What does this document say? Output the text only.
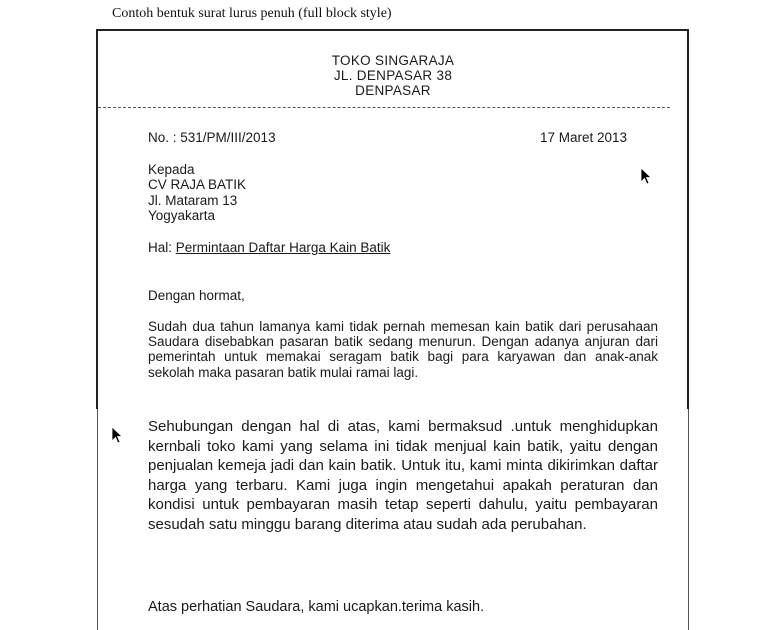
Contoh bentuk surat lurus penuh (full block style)
TOKO SINGARAJA
JL. DENPASAR 38
DENPASAR
No. : 531/PM/III/2013	17 Maret 2013
Kepada
CV RAJA BATIK
Jl. Mataram 13
Yogyakarta
Hal: Permintaan Daftar Harga Kain Batik
Dengan hormat,
Sudah dua tahun lamanya kami tidak pernah memesan kain batik dari perusahaan Saudara disebabkan pasaran batik sedang menurun. Dengan adanya anjuran dari pemerintah untuk memakai seragam batik bagi para karyawan dan anak-anak sekolah maka pasaran batik mulai ramai lagi.
Sehubungan dengan hal di atas, kami bermaksud .untuk menghidupkan kernbali toko kami yang selama ini tidak menjual kain batik, yaitu dengan penjualan kemeja jadi dan kain batik. Untuk itu, kami minta dikirimkan daftar harga yang terbaru. Kami juga ingin mengetahui apakah peraturan dan kondisi untuk pembayaran masih tetap seperti dahulu, yaitu pembayaran sesudah satu minggu barang diterima atau sudah ada perubahan.
Atas perhatian Saudara, kami ucapkan.terima kasih.
